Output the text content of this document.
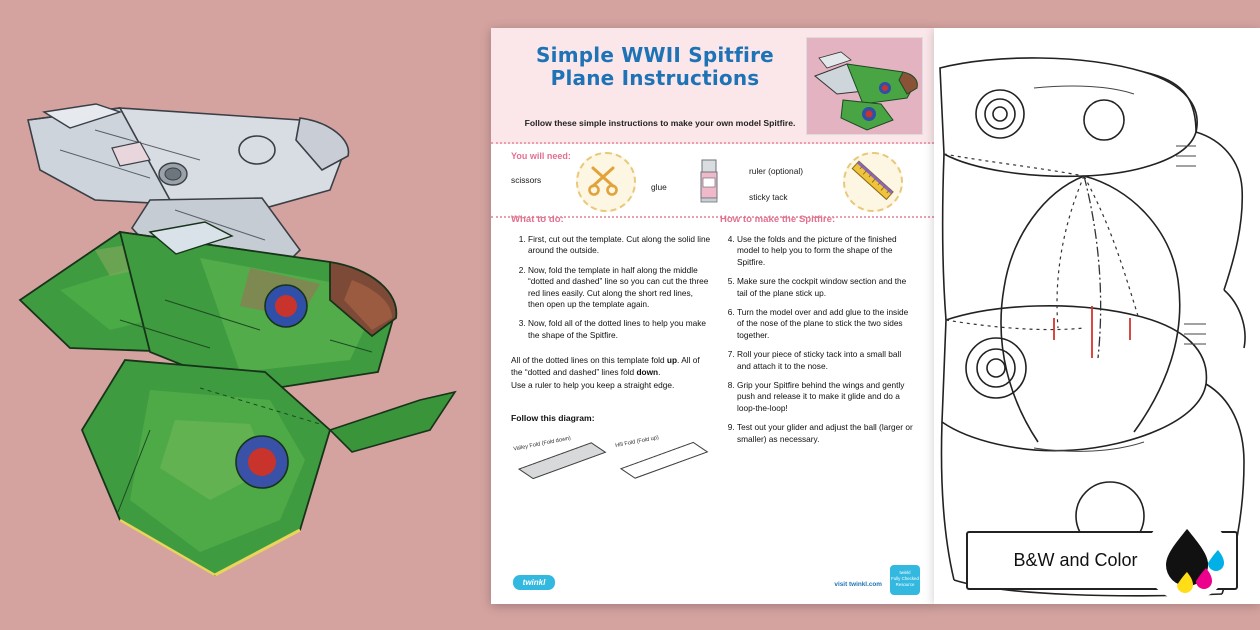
Simple WWII Spitfire
Plane Instructions
Follow these simple instructions to make your own model Spitfire.
You will need:
scissors
glue
ruler (optional)
sticky tack
What to do:
1. First, cut out the template. Cut along the solid line around the outside.
2. Now, fold the template in half along the middle “dotted and dashed” line so you can cut the three red lines easily. Cut along the short red lines, then open up the template again.
3. Now, fold all of the dotted lines to help you make the shape of the Spitfire.
All of the dotted lines on this template fold up. All of the “dotted and dashed” lines fold down.
Use a ruler to help you keep a straight edge.
Follow this diagram:
Valley Fold (Fold down)	Hill Fold (Fold up)
How to make the Spitfire:
4. Use the folds and the picture of the finished model to help you to form the shape of the Spitfire.
5. Make sure the cockpit window section and the tail of the plane stick up.
6. Turn the model over and add glue to the inside of the nose of the plane to stick the two sides together.
7. Roll your piece of sticky tack into a small ball and attach it to the nose.
8. Grip your Spitfire behind the wings and gently push and release it to make it glide and do a loop-the-loop!
9. Test out your glider and adjust the ball (larger or smaller) as necessary.
twinkl	visit twinkl.com
twinkl
Fully Checked
Resource
B&W and Color
